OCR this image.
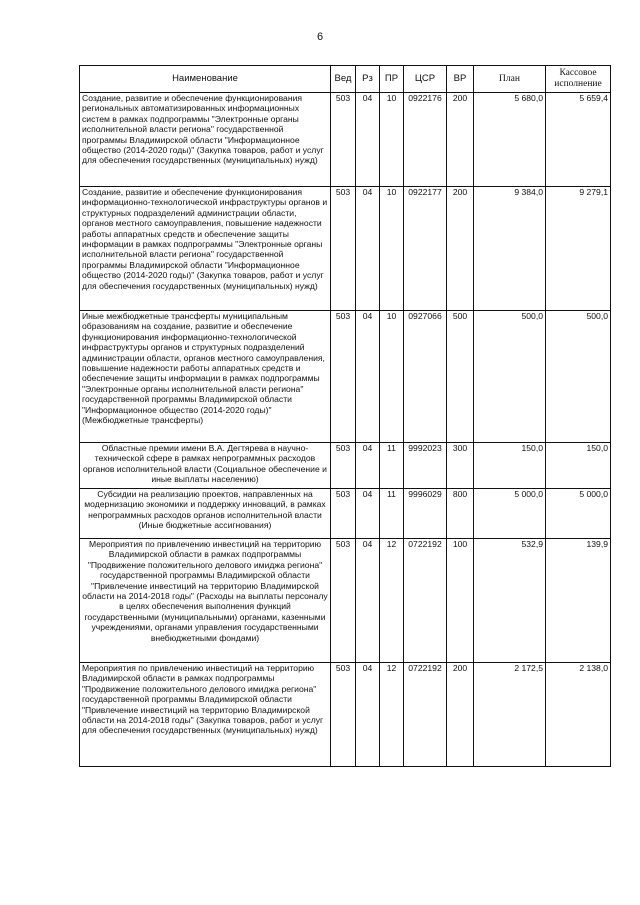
6
Наименование	Вед	Рз	ПР	ЦСР	ВР	План	Кассовое исполнение
Создание, развитие и обеспечение функционирования региональных автоматизированных информационных систем в рамках подпрограммы "Электронные органы исполнительной власти региона" государственной программы Владимирской области "Информационное общество (2014-2020 годы)" (Закупка товаров, работ и услуг для обеспечения государственных (муниципальных) нужд)	503	04	10	0922176	200	5 680,0	5 659,4
Создание, развитие и обеспечение функционирования информационно-технологической инфраструктуры органов и структурных подразделений администрации области, органов местного самоуправления, повышение надежности работы аппаратных средств и обеспечение защиты информации в рамках подпрограммы "Электронные органы исполнительной власти региона" государственной программы Владимирской области "Информационное общество (2014-2020 годы)" (Закупка товаров, работ и услуг для обеспечения государственных (муниципальных) нужд)	503	04	10	0922177	200	9 384,0	9 279,1
Иные межбюджетные трансферты муниципальным образованиям на создание, развитие и обеспечение функционирования информационно-технологической инфраструктуры органов и структурных подразделений администрации области, органов местного самоуправления, повышение надежности работы аппаратных средств и обеспечение защиты информации в рамках подпрограммы "Электронные органы исполнительной власти региона" государственной программы Владимирской области "Информационное общество (2014-2020 годы)" (Межбюджетные трансферты)	503	04	10	0927066	500	500,0	500,0
Областные премии имени В.А. Дегтярева в научно-технической сфере в рамках непрограммных расходов органов исполнительной власти (Социальное обеспечение и иные выплаты населению)	503	04	11	9992023	300	150,0	150,0
Субсидии на реализацию проектов, направленных на модернизацию экономики и поддержку инноваций, в рамках непрограммных расходов органов исполнительной власти (Иные бюджетные ассигнования)	503	04	11	9996029	800	5 000,0	5 000,0
Мероприятия по привлечению инвестиций на территорию Владимирской области в рамках подпрограммы "Продвижение положительного делового имиджа региона" государственной программы Владимирской области "Привлечение инвестиций на территорию Владимирской области на 2014-2018 годы" (Расходы на выплаты персоналу в целях обеспечения выполнения функций государственными (муниципальными) органами, казенными учреждениями, органами управления государственными внебюджетными фондами)	503	04	12	0722192	100	532,9	139,9
Мероприятия по привлечению инвестиций на территорию Владимирской области в рамках подпрограммы "Продвижение положительного делового имиджа региона" государственной программы Владимирской области "Привлечение инвестиций на территорию Владимирской области на 2014-2018 годы" (Закупка товаров, работ и услуг для обеспечения государственных (муниципальных) нужд)	503	04	12	0722192	200	2 172,5	2 138,0
